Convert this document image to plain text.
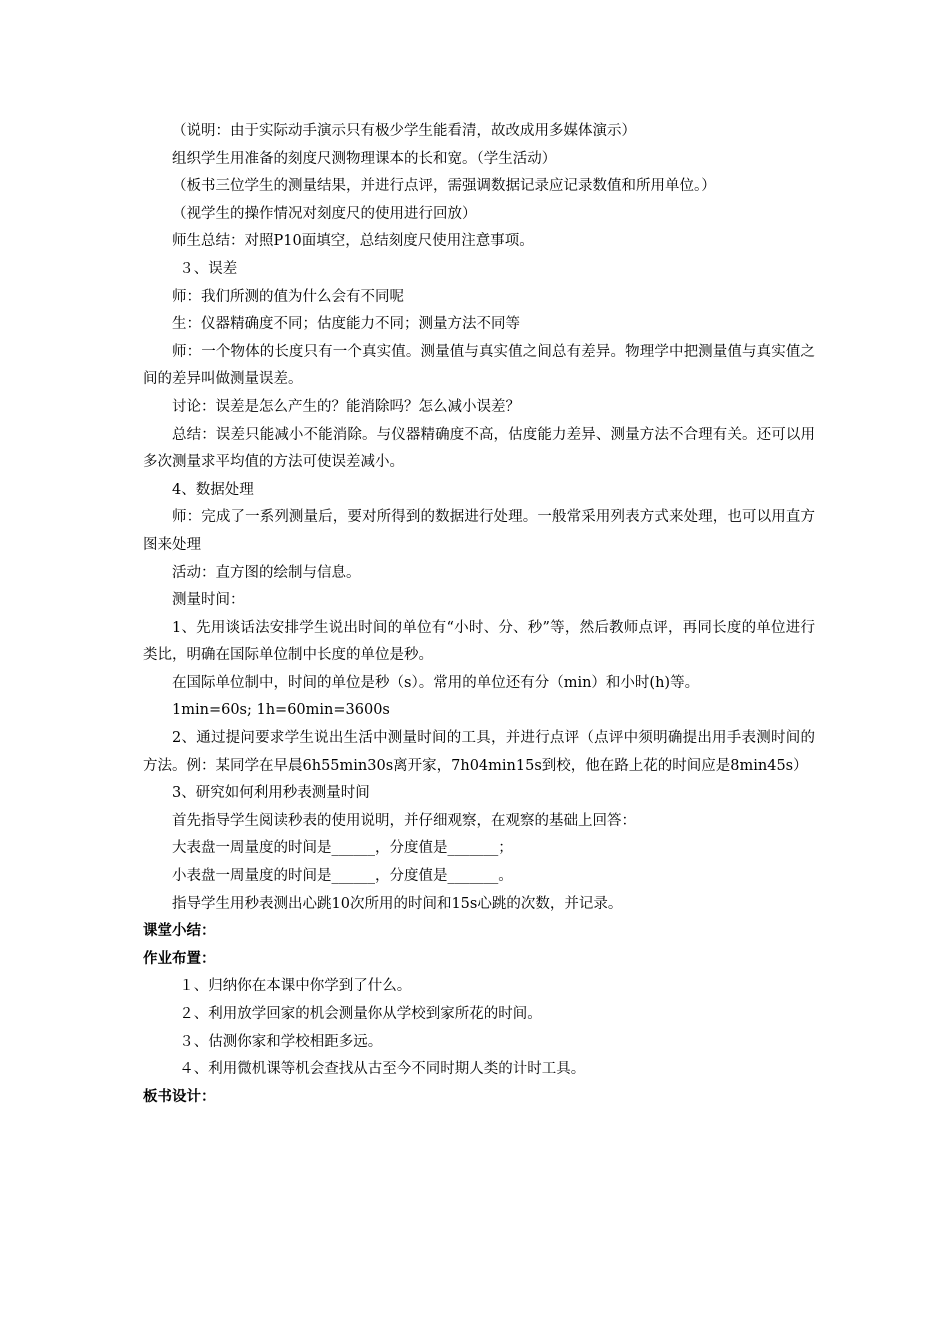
（说明：由于实际动手演示只有极少学生能看清，故改成用多媒体演示）

组织学生用准备的刻度尺测物理课本的长和宽。（学生活动）

（板书三位学生的测量结果，并进行点评，需强调数据记录应记录数值和所用单位。）

（视学生的操作情况对刻度尺的使用进行回放）

师生总结：对照P10面填空，总结刻度尺使用注意事项。

３、误差

师：我们所测的值为什么会有不同呢

生：仪器精确度不同；估度能力不同；测量方法不同等

师：一个物体的长度只有一个真实值。测量值与真实值之间总有差异。物理学中把测量值与真实值之间的差异叫做测量误差。

讨论：误差是怎么产生的？能消除吗？怎么减小误差？

总结：误差只能减小不能消除。与仪器精确度不高，估度能力差异、测量方法不合理有关。还可以用多次测量求平均值的方法可使误差减小。

4、数据处理

师：完成了一系列测量后，要对所得到的数据进行处理。一般常采用列表方式来处理，也可以用直方图来处理

活动：直方图的绘制与信息。

测量时间：

1、先用谈话法安排学生说出时间的单位有“小时、分、秒”等，然后教师点评，再同长度的单位进行类比，明确在国际单位制中长度的单位是秒。

在国际单位制中，时间的单位是秒（s）。常用的单位还有分（min）和小时(h)等。

1min=60s; 1h=60min=3600s

2、通过提问要求学生说出生活中测量时间的工具，并进行点评（点评中须明确提出用手表测时间的方法。例：某同学在早晨6h55min30s离开家，7h04min15s到校，他在路上花的时间应是8min45s）

3、研究如何利用秒表测量时间

首先指导学生阅读秒表的使用说明，并仔细观察，在观察的基础上回答：

大表盘一周量度的时间是______，分度值是_______；

小表盘一周量度的时间是______，分度值是_______。

指导学生用秒表测出心跳10次所用的时间和15s心跳的次数，并记录。

课堂小结：

作业布置：

１、归纳你在本课中你学到了什么。

２、利用放学回家的机会测量你从学校到家所花的时间。

３、估测你家和学校相距多远。

４、利用微机课等机会查找从古至今不同时期人类的计时工具。

板书设计：
